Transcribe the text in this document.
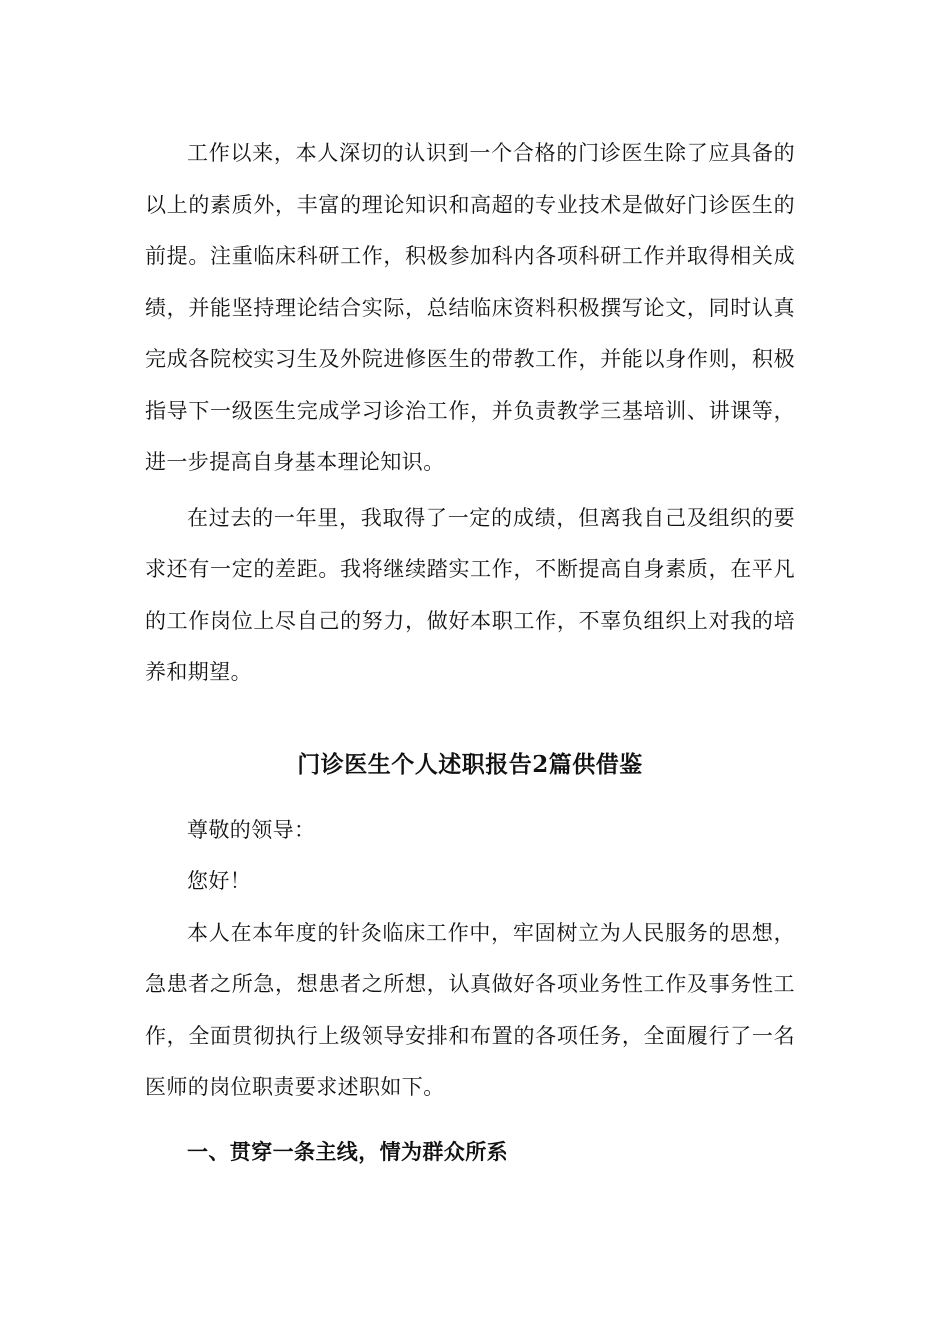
工作以来，本人深切的认识到一个合格的门诊医生除了应具备的以上的素质外，丰富的理论知识和高超的专业技术是做好门诊医生的前提。注重临床科研工作，积极参加科内各项科研工作并取得相关成绩，并能坚持理论结合实际，总结临床资料积极撰写论文，同时认真完成各院校实习生及外院进修医生的带教工作，并能以身作则，积极指导下一级医生完成学习诊治工作，并负责教学三基培训、讲课等，进一步提高自身基本理论知识。

在过去的一年里，我取得了一定的成绩，但离我自己及组织的要求还有一定的差距。我将继续踏实工作，不断提高自身素质，在平凡的工作岗位上尽自己的努力，做好本职工作，不辜负组织上对我的培养和期望。

门诊医生个人述职报告2篇供借鉴

尊敬的领导：

您好！

本人在本年度的针灸临床工作中，牢固树立为人民服务的思想，急患者之所急，想患者之所想，认真做好各项业务性工作及事务性工作，全面贯彻执行上级领导安排和布置的各项任务，全面履行了一名医师的岗位职责要求述职如下。

一、贯穿一条主线，情为群众所系
